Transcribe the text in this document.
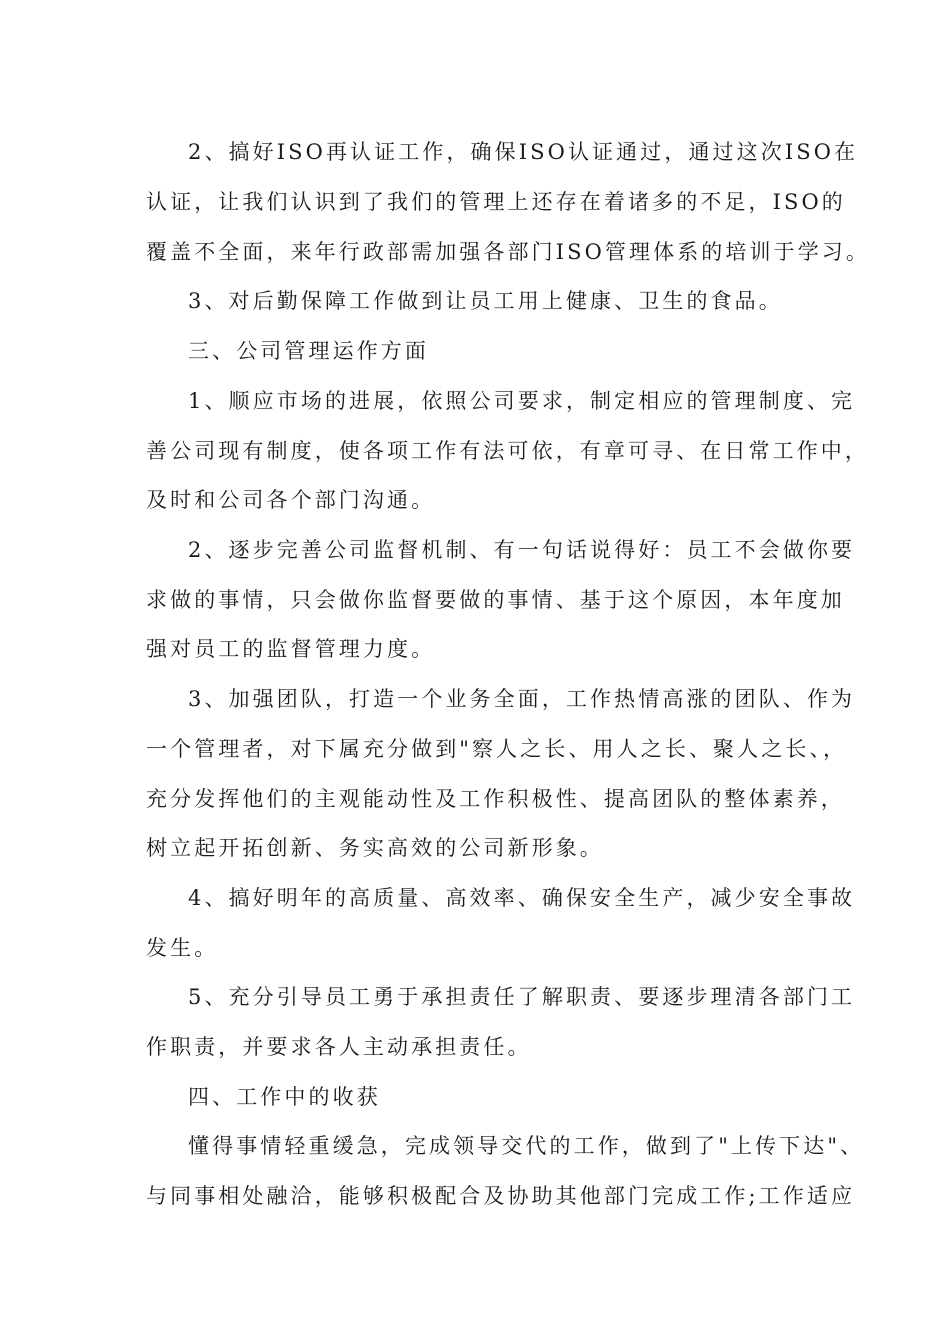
2、搞好ISO再认证工作，确保ISO认证通过，通过这次ISO在
认证，让我们认识到了我们的管理上还存在着诸多的不足，ISO的
覆盖不全面，来年行政部需加强各部门ISO管理体系的培训于学习。
3、对后勤保障工作做到让员工用上健康、卫生的食品。
三、公司管理运作方面
1、顺应市场的进展，依照公司要求，制定相应的管理制度、完
善公司现有制度，使各项工作有法可依，有章可寻、在日常工作中，
及时和公司各个部门沟通。
2、逐步完善公司监督机制、有一句话说得好：员工不会做你要
求做的事情，只会做你监督要做的事情、基于这个原因，本年度加
强对员工的监督管理力度。
3、加强团队，打造一个业务全面，工作热情高涨的团队、作为
一个管理者，对下属充分做到"察人之长、用人之长、聚人之长、，
充分发挥他们的主观能动性及工作积极性、提高团队的整体素养，
树立起开拓创新、务实高效的公司新形象。
4、搞好明年的高质量、高效率、确保安全生产，减少安全事故
发生。
5、充分引导员工勇于承担责任了解职责、要逐步理清各部门工
作职责，并要求各人主动承担责任。
四、工作中的收获
懂得事情轻重缓急，完成领导交代的工作，做到了"上传下达"、
与同事相处融洽，能够积极配合及协助其他部门完成工作;工作适应
